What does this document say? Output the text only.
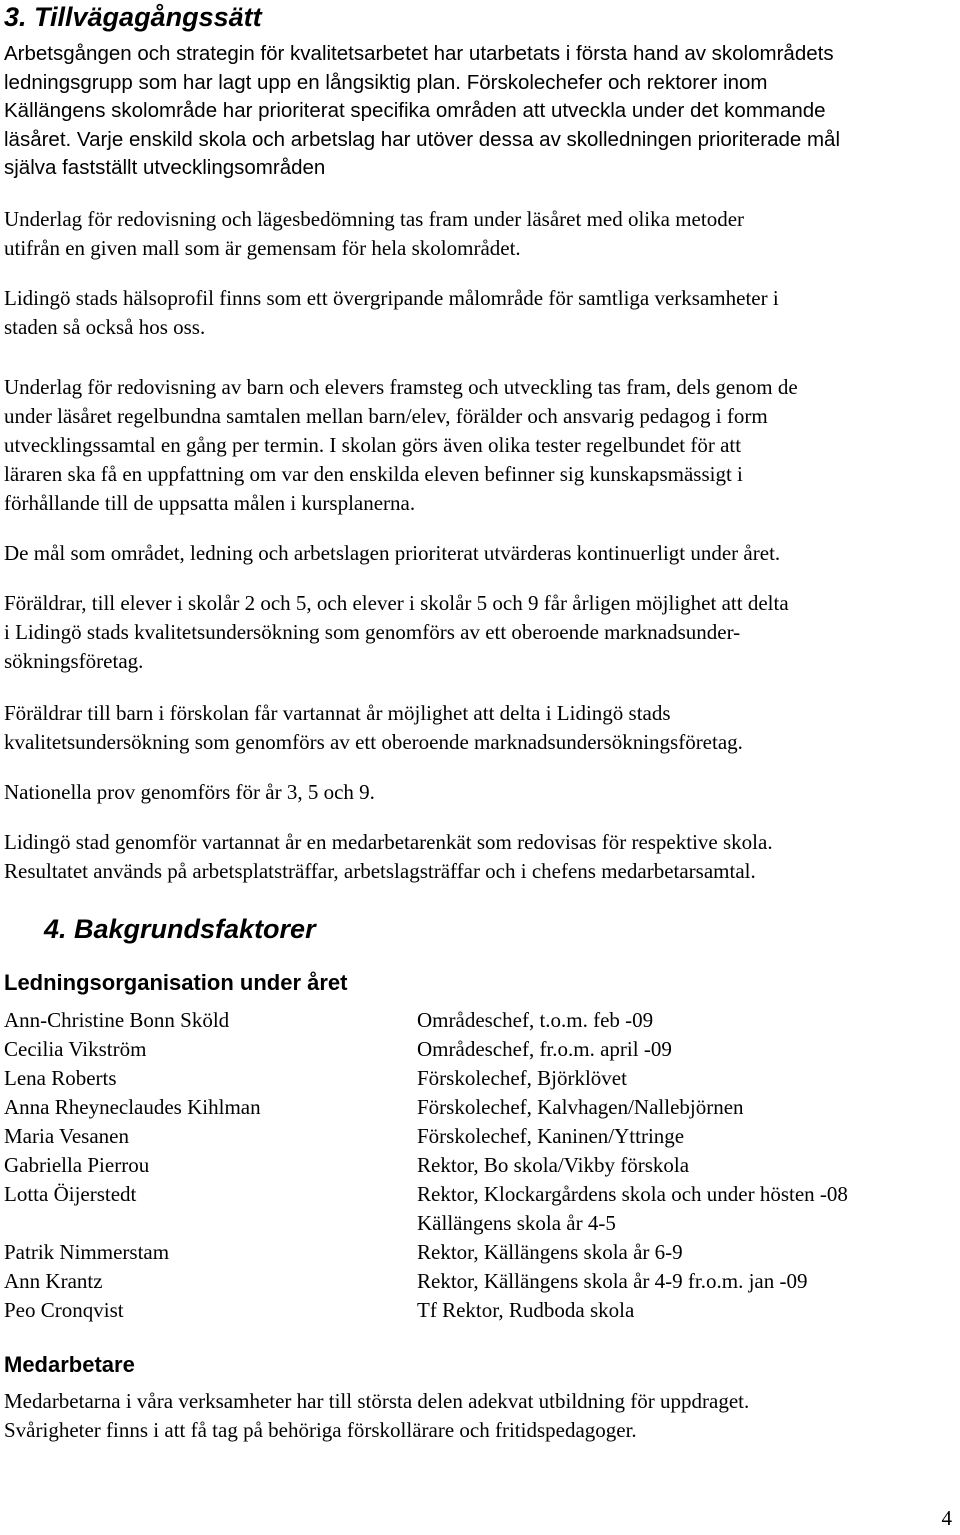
3. Tillvägagångssätt
Arbetsgången och strategin för kvalitetsarbetet har utarbetats i första hand av skolområdets
ledningsgrupp som har lagt upp en långsiktig plan. Förskolechefer och rektorer inom
Källängens skolområde har prioriterat specifika områden att utveckla under det kommande
läsåret. Varje enskild skola och arbetslag har utöver dessa av skolledningen prioriterade mål
själva fastställt utvecklingsområden
Underlag för redovisning och lägesbedömning tas fram under läsåret med olika metoder
utifrån en given mall som är gemensam för hela skolområdet.
Lidingö stads hälsoprofil finns som ett övergripande målområde för samtliga verksamheter i
staden så också hos oss.
Underlag för redovisning av barn och elevers framsteg och utveckling tas fram, dels genom de
under läsåret regelbundna samtalen mellan barn/elev, förälder och ansvarig pedagog i form
utvecklingssamtal en gång per termin. I skolan görs även olika tester regelbundet för att
läraren ska få en uppfattning om var den enskilda eleven befinner sig kunskapsmässigt i
förhållande till de uppsatta målen i kursplanerna.
De mål som området, ledning och arbetslagen prioriterat utvärderas kontinuerligt under året.
Föräldrar, till elever i skolår 2 och 5, och elever i skolår 5 och 9 får årligen möjlighet att delta
i Lidingö stads kvalitetsundersökning som genomförs av ett oberoende marknadsunder-
sökningsföretag.
Föräldrar till barn i förskolan får vartannat år möjlighet att delta i Lidingö stads
kvalitetsundersökning som genomförs av ett oberoende marknadsundersökningsföretag.
Nationella prov genomförs för år 3, 5 och 9.
Lidingö stad genomför vartannat år en medarbetarenkät som redovisas för respektive skola.
Resultatet används på arbetsplatsträffar, arbetslagsträffar och i chefens medarbetarsamtal.
4. Bakgrundsfaktorer
Ledningsorganisation under året
Ann-Christine Bonn Sköld	Områdeschef, t.o.m. feb -09
Cecilia Vikström	Områdeschef, fr.o.m. april -09
Lena Roberts	Förskolechef, Björklövet
Anna Rheyneclaudes Kihlman	Förskolechef, Kalvhagen/Nallebjörnen
Maria Vesanen	Förskolechef, Kaninen/Yttringe
Gabriella Pierrou	Rektor, Bo skola/Vikby förskola
Lotta Öijerstedt	Rektor, Klockargårdens skola och under hösten -08
Källängens skola år 4-5
Patrik Nimmerstam	Rektor, Källängens skola år 6-9
Ann Krantz	Rektor, Källängens skola år 4-9 fr.o.m. jan -09
Peo Cronqvist	Tf Rektor, Rudboda skola
Medarbetare
Medarbetarna i våra verksamheter har till största delen adekvat utbildning för uppdraget.
Svårigheter finns i att få tag på behöriga förskollärare och fritidspedagoger.
4
